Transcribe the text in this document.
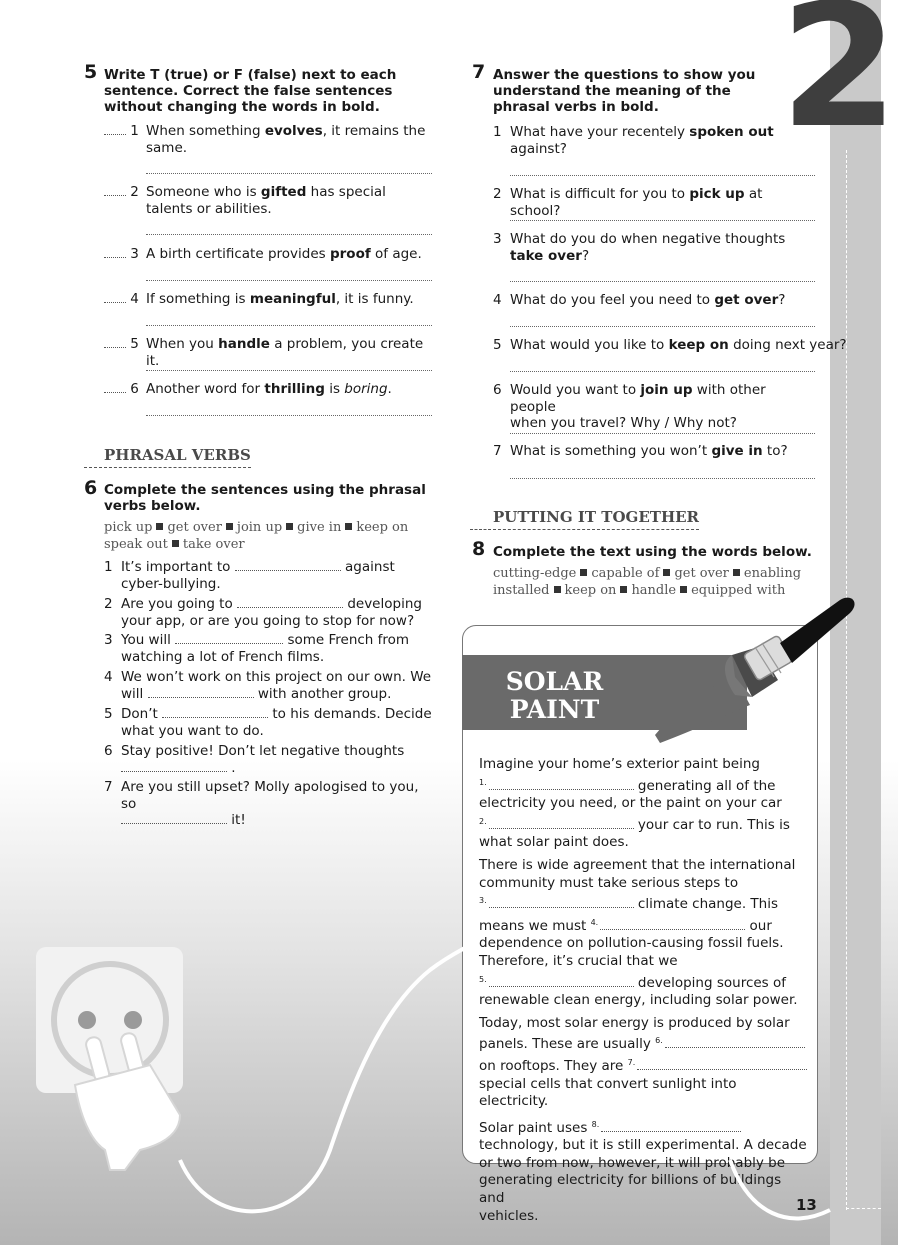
2
13
5 Write T (true) or F (false) next to each sentence. Correct the false sentences without changing the words in bold.
1 When something evolves, it remains the same.
2 Someone who is gifted has special talents or abilities.
3 A birth certificate provides proof of age.
4 If something is meaningful, it is funny.
5 When you handle a problem, you create it.
6 Another word for thrilling is boring.
PHRASAL VERBS
6 Complete the sentences using the phrasal verbs below.
pick up get over join up give in keep on
speak out take over
1 It’s important to	against
cyber-bullying.
2 Are you going to	developing
your app, or are you going to stop for now?
3 You will	some French from
watching a lot of French films.
4 We won’t work on this project on our own. We
will	with another group.
5 Don’t	to his demands. Decide
what you want to do.
6 Stay positive! Don’t let negative thoughts
.
7 Are you still upset? Molly apologised to you, so
it!
7 Answer the questions to show you understand the meaning of the phrasal verbs in bold.
1 What have your recentely spoken out
against?
2 What is difficult for you to pick up at school?
3 What do you do when negative thoughts
take over?
4 What do you feel you need to get over?
5 What would you like to keep on doing next year?
6 Would you want to join up with other people
when you travel? Why / Why not?
7 What is something you won’t give in to?
PUTTING IT TOGETHER
8 Complete the text using the words below.
cutting-edge capable of get over enabling
installed keep on handle equipped with
SOLAR
PAINT

Imagine your home’s exterior paint being
$^{1.}$	generating all of the
electricity you need, or the paint on your car
$^{2.}$	your car to run. This is
what solar paint does.

There is wide agreement that the international
community must take serious steps to
$^{3.}$	climate change. This
means we must $^{4.}$	our
dependence on pollution-causing fossil fuels.
Therefore, it’s crucial that we
$^{5.}$	developing sources of
renewable clean energy, including solar power.

Today, most solar energy is produced by solar
panels. These are usually $^{6.}$
on rooftops. They are $^{7.}$
special cells that convert sunlight into electricity.

Solar paint uses $^{8.}$
technology, but it is still experimental. A decade
or two from now, however, it will probably be
generating electricity for billions of buildings and
vehicles.
